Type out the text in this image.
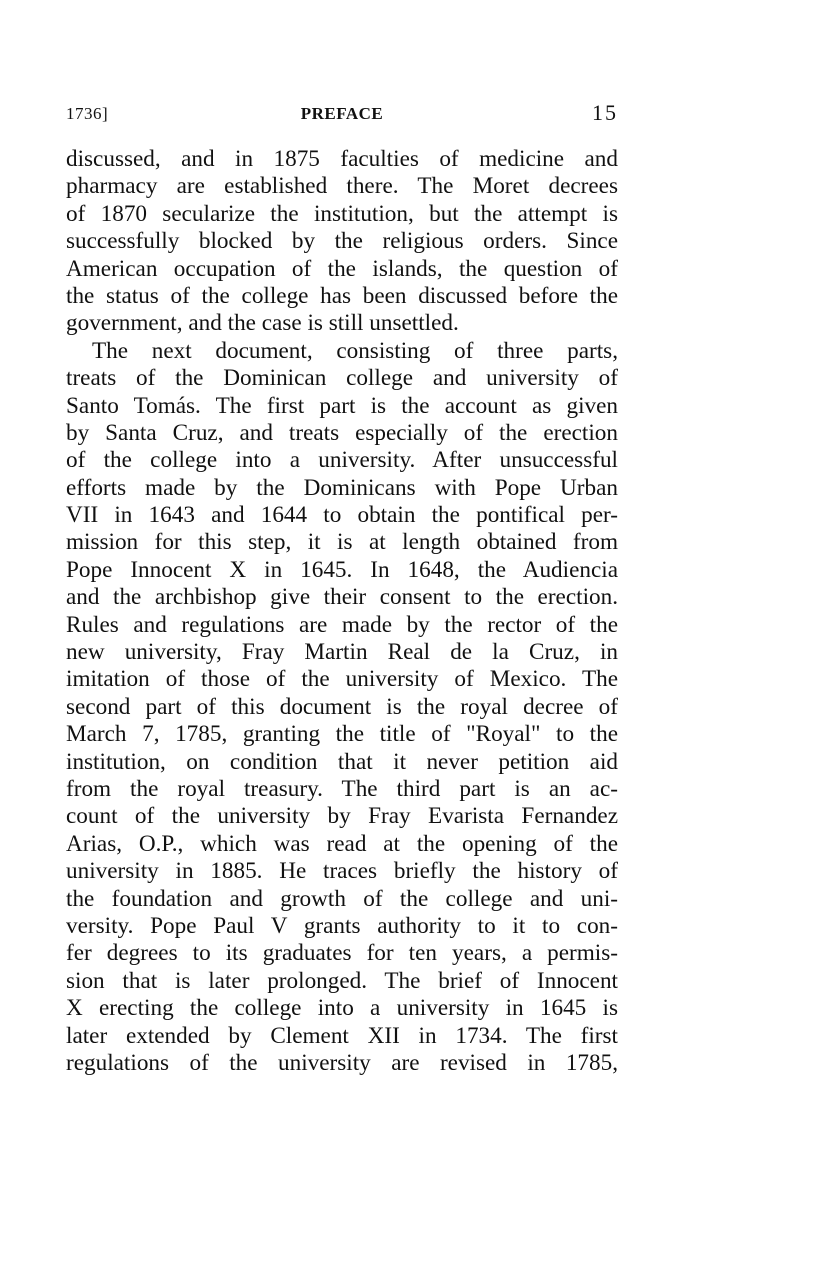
1736]	PREFACE	15
discussed, and in 1875 faculties of medicine and
pharmacy are established there. The Moret decrees
of 1870 secularize the institution, but the attempt is
successfully blocked by the religious orders. Since
American occupation of the islands, the question of
the status of the college has been discussed before the
government, and the case is still unsettled.
The next document, consisting of three parts,
treats of the Dominican college and university of
Santo Tomás. The first part is the account as given
by Santa Cruz, and treats especially of the erection
of the college into a university. After unsuccessful
efforts made by the Dominicans with Pope Urban
VII in 1643 and 1644 to obtain the pontifical per-
mission for this step, it is at length obtained from
Pope Innocent X in 1645. In 1648, the Audiencia
and the archbishop give their consent to the erection.
Rules and regulations are made by the rector of the
new university, Fray Martin Real de la Cruz, in
imitation of those of the university of Mexico. The
second part of this document is the royal decree of
March 7, 1785, granting the title of "Royal" to the
institution, on condition that it never petition aid
from the royal treasury. The third part is an ac-
count of the university by Fray Evarista Fernandez
Arias, O.P., which was read at the opening of the
university in 1885. He traces briefly the history of
the foundation and growth of the college and uni-
versity. Pope Paul V grants authority to it to con-
fer degrees to its graduates for ten years, a permis-
sion that is later prolonged. The brief of Innocent
X erecting the college into a university in 1645 is
later extended by Clement XII in 1734. The first
regulations of the university are revised in 1785,
